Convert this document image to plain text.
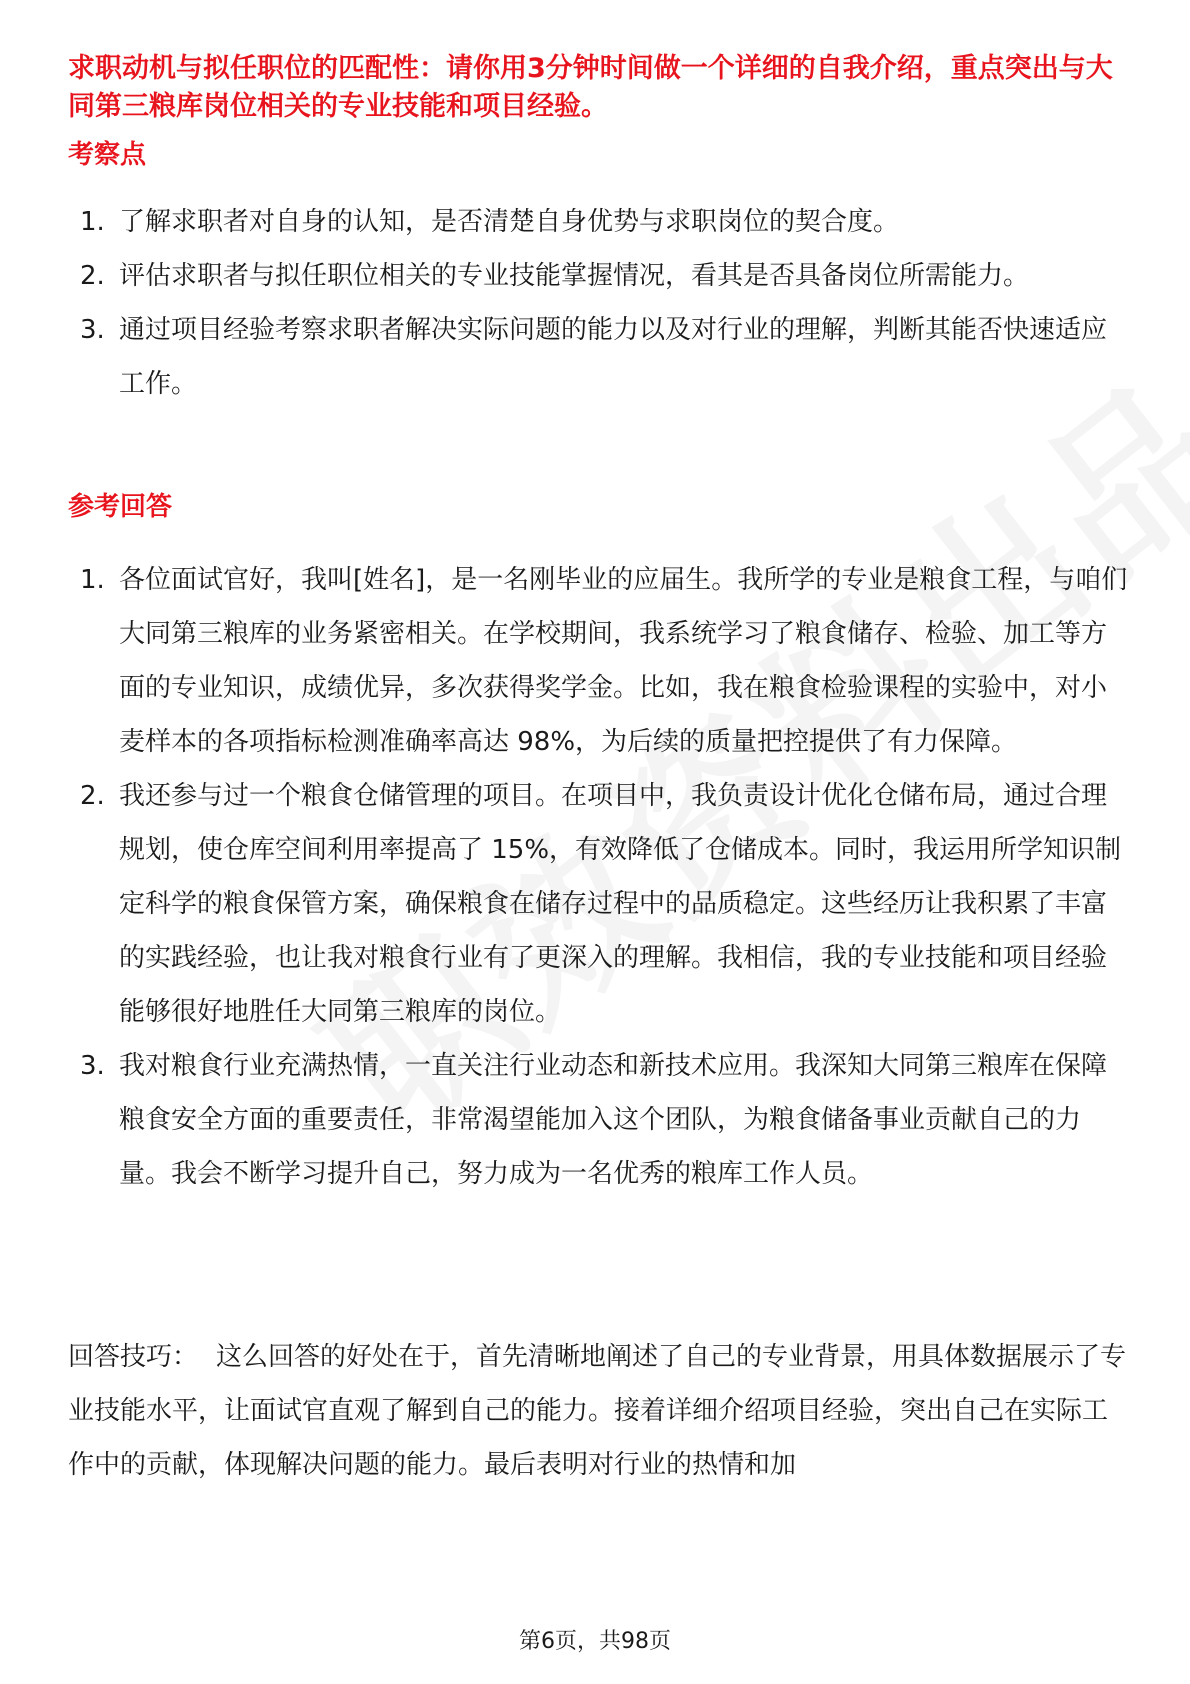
求职动机与拟任职位的匹配性：请你用3分钟时间做一个详细的自我介绍，重点突出与大同第三粮库岗位相关的专业技能和项目经验。

考察点
1. 了解求职者对自身的认知，是否清楚自身优势与求职岗位的契合度。
2. 评估求职者与拟任职位相关的专业技能掌握情况，看其是否具备岗位所需能力。
3. 通过项目经验考察求职者解决实际问题的能力以及对行业的理解，判断其能否快速适应工作。
参考回答
1. 各位面试官好，我叫[姓名]，是一名刚毕业的应届生。我所学的专业是粮食工程，与咱们大同第三粮库的业务紧密相关。在学校期间，我系统学习了粮食储存、检验、加工等方面的专业知识，成绩优异，多次获得奖学金。比如，我在粮食检验课程的实验中，对小麦样本的各项指标检测准确率高达 98%，为后续的质量把控提供了有力保障。
2. 我还参与过一个粮食仓储管理的项目。在项目中，我负责设计优化仓储布局，通过合理规划，使仓库空间利用率提高了 15%，有效降低了仓储成本。同时，我运用所学知识制定科学的粮食保管方案，确保粮食在储存过程中的品质稳定。这些经历让我积累了丰富的实践经验，也让我对粮食行业有了更深入的理解。我相信，我的专业技能和项目经验能够很好地胜任大同第三粮库的岗位。
3. 我对粮食行业充满热情，一直关注行业动态和新技术应用。我深知大同第三粮库在保障粮食安全方面的重要责任，非常渴望能加入这个团队，为粮食储备事业贡献自己的力量。我会不断学习提升自己，努力成为一名优秀的粮库工作人员。

回答技巧： 这么回答的好处在于，首先清晰地阐述了自己的专业背景，用具体数据展示了专业技能水平，让面试官直观了解到自己的能力。接着详细介绍项目经验，突出自己在实际工作中的贡献，体现解决问题的能力。最后表明对行业的热情和加

第6页，共98页
